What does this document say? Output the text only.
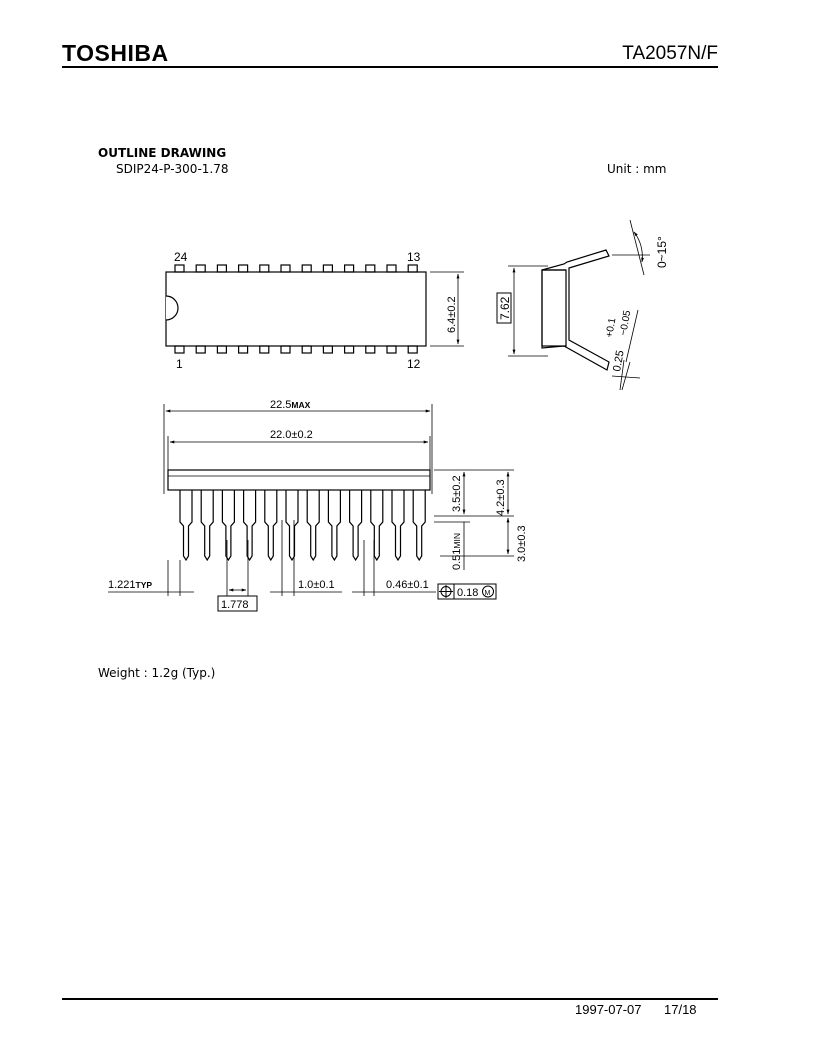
TOSHIBA	TA2057N/F
OUTLINE DRAWING
SDIP24-P-300-1.78	Unit : mm
24	13
1	12
6.4±0.2	7.62
0~15°
0.25
+0.1 −0.05
22.5MAX
22.0±0.2
3.5±0.2	4.2±0.3
0.51MIN	3.0±0.3
1.221TYP
1.778
1.0±0.1	0.46±0.1
0.18 M
Weight : 1.2g (Typ.)
1997-07-07 17/18
